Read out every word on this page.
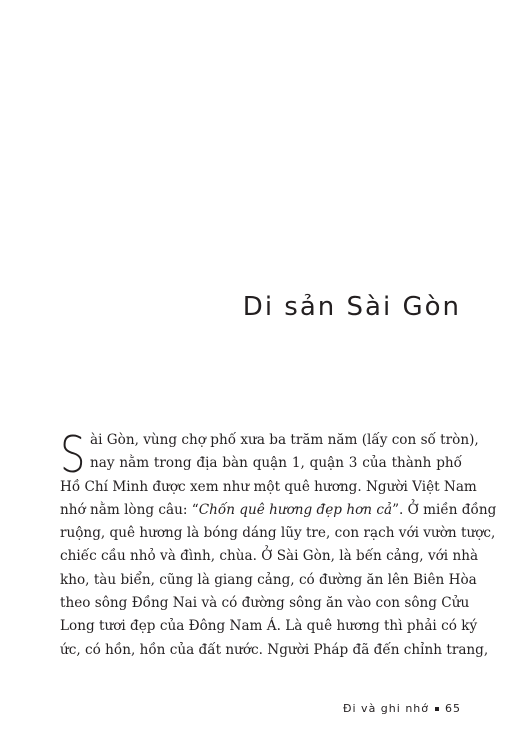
Di sản Sài Gòn
S ài Gòn, vùng chợ phố xưa ba trăm năm (lấy con số tròn),
nay nằm trong địa bàn quận 1, quận 3 của thành phố
Hồ Chí Minh được xem như một quê hương. Người Việt Nam
nhớ nằm lòng câu: “Chốn quê hương đẹp hơn cả”. Ở miền đồng
ruộng, quê hương là bóng dáng lũy tre, con rạch với vườn tược,
chiếc cầu nhỏ và đình, chùa. Ở Sài Gòn, là bến cảng, với nhà
kho, tàu biển, cũng là giang cảng, có đường ăn lên Biên Hòa
theo sông Đồng Nai và có đường sông ăn vào con sông Cửu
Long tươi đẹp của Đông Nam Á. Là quê hương thì phải có ký
ức, có hồn, hồn của đất nước. Người Pháp đã đến chỉnh trang,
Đi và ghi nhớ 65
